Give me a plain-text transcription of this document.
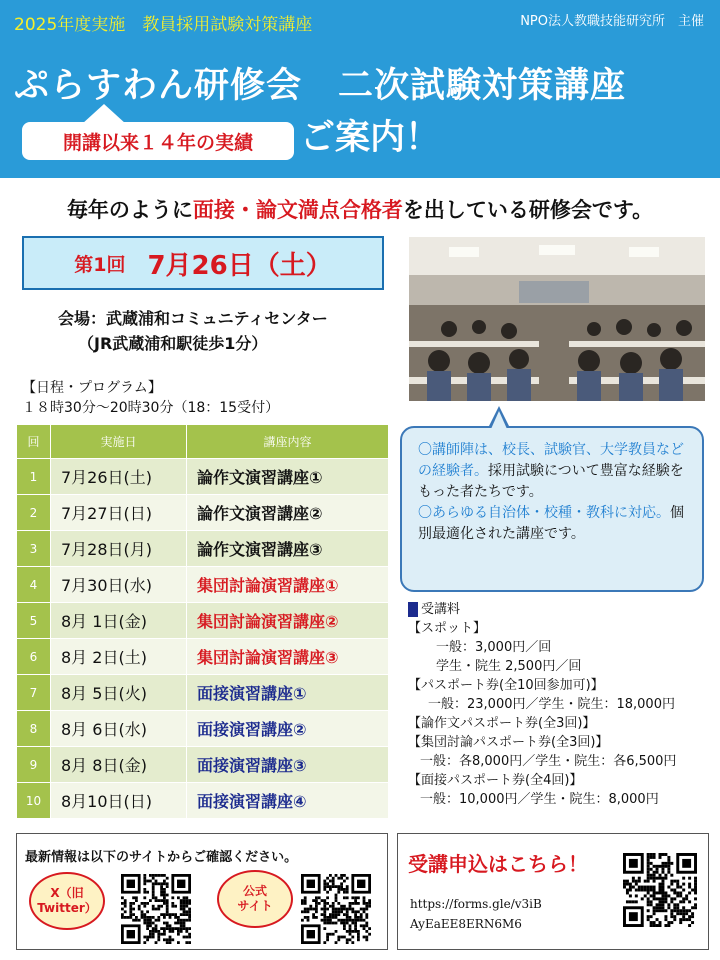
2025年度実施　教員採用試験対策講座	NPO法人教職技能研究所　主催
ぷらすわん研修会　二次試験対策講座
開講以来１４年の実績	ご案内！
毎年のように面接・論文満点合格者を出している研修会です。
第1回 7月26日（土）
会場：武蔵浦和コミュニティセンター
（JR武蔵浦和駅徒歩1分）
【日程・プログラム】
１８時30分～20時30分（18：15受付）
回	実施日	講座内容
1	7月26日(土)	論作文演習講座①
2	7月27日(日)	論作文演習講座②
3	7月28日(月)	論作文演習講座③
4	7月30日(水)	集団討論演習講座①
5	8月 1日(金)	集団討論演習講座②
6	8月 2日(土)	集団討論演習講座③
7	8月 5日(火)	面接演習講座①
8	8月 6日(水)	面接演習講座②
9	8月 8日(金)	面接演習講座③
10	8月10日(日)	面接演習講座④
〇講師陣は、校長、試験官、大学教員などの経験者。採用試験について豊富な経験をもった者たちです。
〇あらゆる自治体・校種・教科に対応。個別最適化された講座です。
受講料
【スポット】
一般：3,000円／回
学生・院生 2,500円／回
【パスポート券(全10回参加可)】
一般：23,000円／学生・院生：18,000円
【論作文パスポート券(全3回)】
【集団討論パスポート券(全3回)】
一般：各8,000円／学生・院生：各6,500円
【面接パスポート券(全4回)】
一般：10,000円／学生・院生：8,000円
最新情報は以下のサイトからご確認ください。
X（旧
Twitter）
公式
サイト
受講申込はこちら！
https://forms.gle/v3iB
AyEaEE8ERN6M6
